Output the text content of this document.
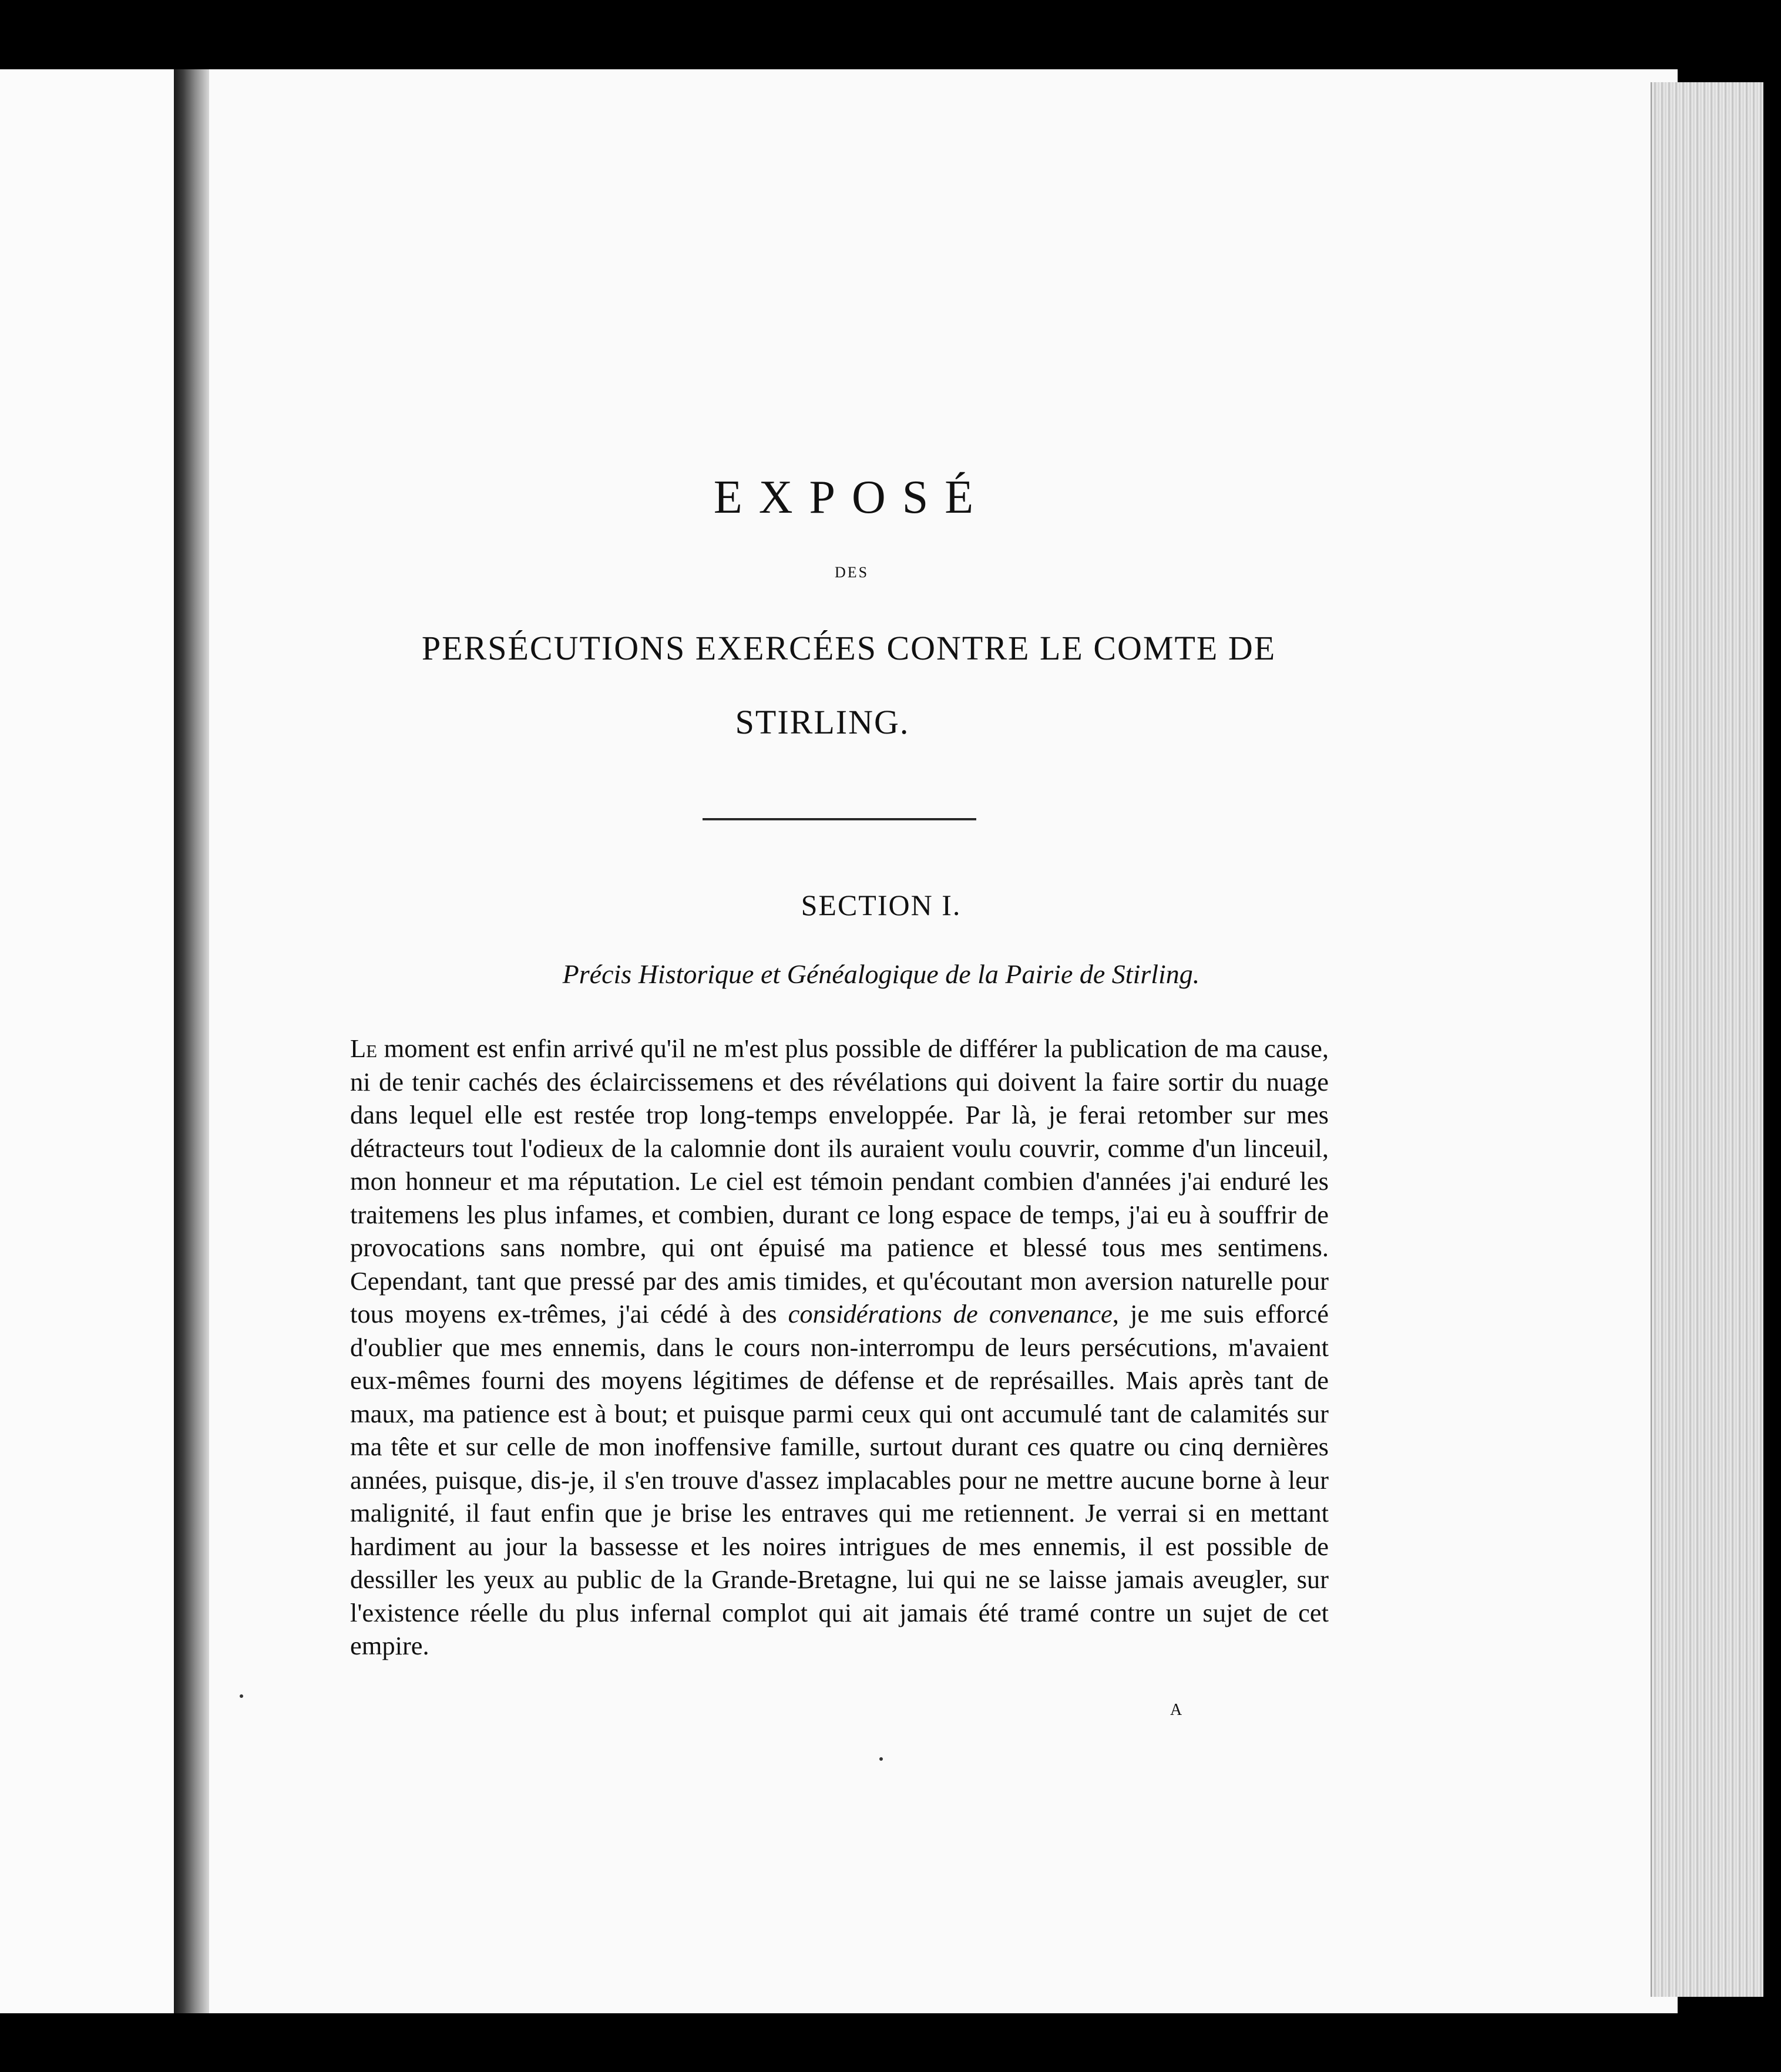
EXPOSÉ
DES
PERSÉCUTIONS EXERCÉES CONTRE LE COMTE DE
STIRLING.
SECTION I.
Précis Historique et Généalogique de la Pairie de Stirling.

Le moment est enfin arrivé qu'il ne m'est plus possible de différer la publication de ma cause, ni de tenir cachés des éclaircissemens et des révélations qui doivent la faire sortir du nuage dans lequel elle est restée trop long-temps enveloppée. Par là, je ferai retomber sur mes détracteurs tout l'odieux de la calomnie dont ils auraient voulu couvrir, comme d'un linceuil, mon honneur et ma réputation. Le ciel est témoin pendant combien d'années j'ai enduré les traitemens les plus infames, et combien, durant ce long espace de temps, j'ai eu à souffrir de provocations sans nombre, qui ont épuisé ma patience et blessé tous mes sentimens. Cependant, tant que pressé par des amis timides, et qu'écoutant mon aversion naturelle pour tous moyens ex-trêmes, j'ai cédé à des considérations de convenance, je me suis efforcé d'oublier que mes ennemis, dans le cours non-interrompu de leurs persécutions, m'avaient eux-mêmes fourni des moyens légitimes de défense et de représailles. Mais après tant de maux, ma patience est à bout; et puisque parmi ceux qui ont accumulé tant de calamités sur ma tête et sur celle de mon inoffensive famille, surtout durant ces quatre ou cinq dernières années, puisque, dis-je, il s'en trouve d'assez implacables pour ne mettre aucune borne à leur malignité, il faut enfin que je brise les entraves qui me retiennent. Je verrai si en mettant hardiment au jour la bassesse et les noires intrigues de mes ennemis, il est possible de dessiller les yeux au public de la Grande-Bretagne, lui qui ne se laisse jamais aveugler, sur l'existence réelle du plus infernal complot qui ait jamais été tramé contre un sujet de cet empire.

A
